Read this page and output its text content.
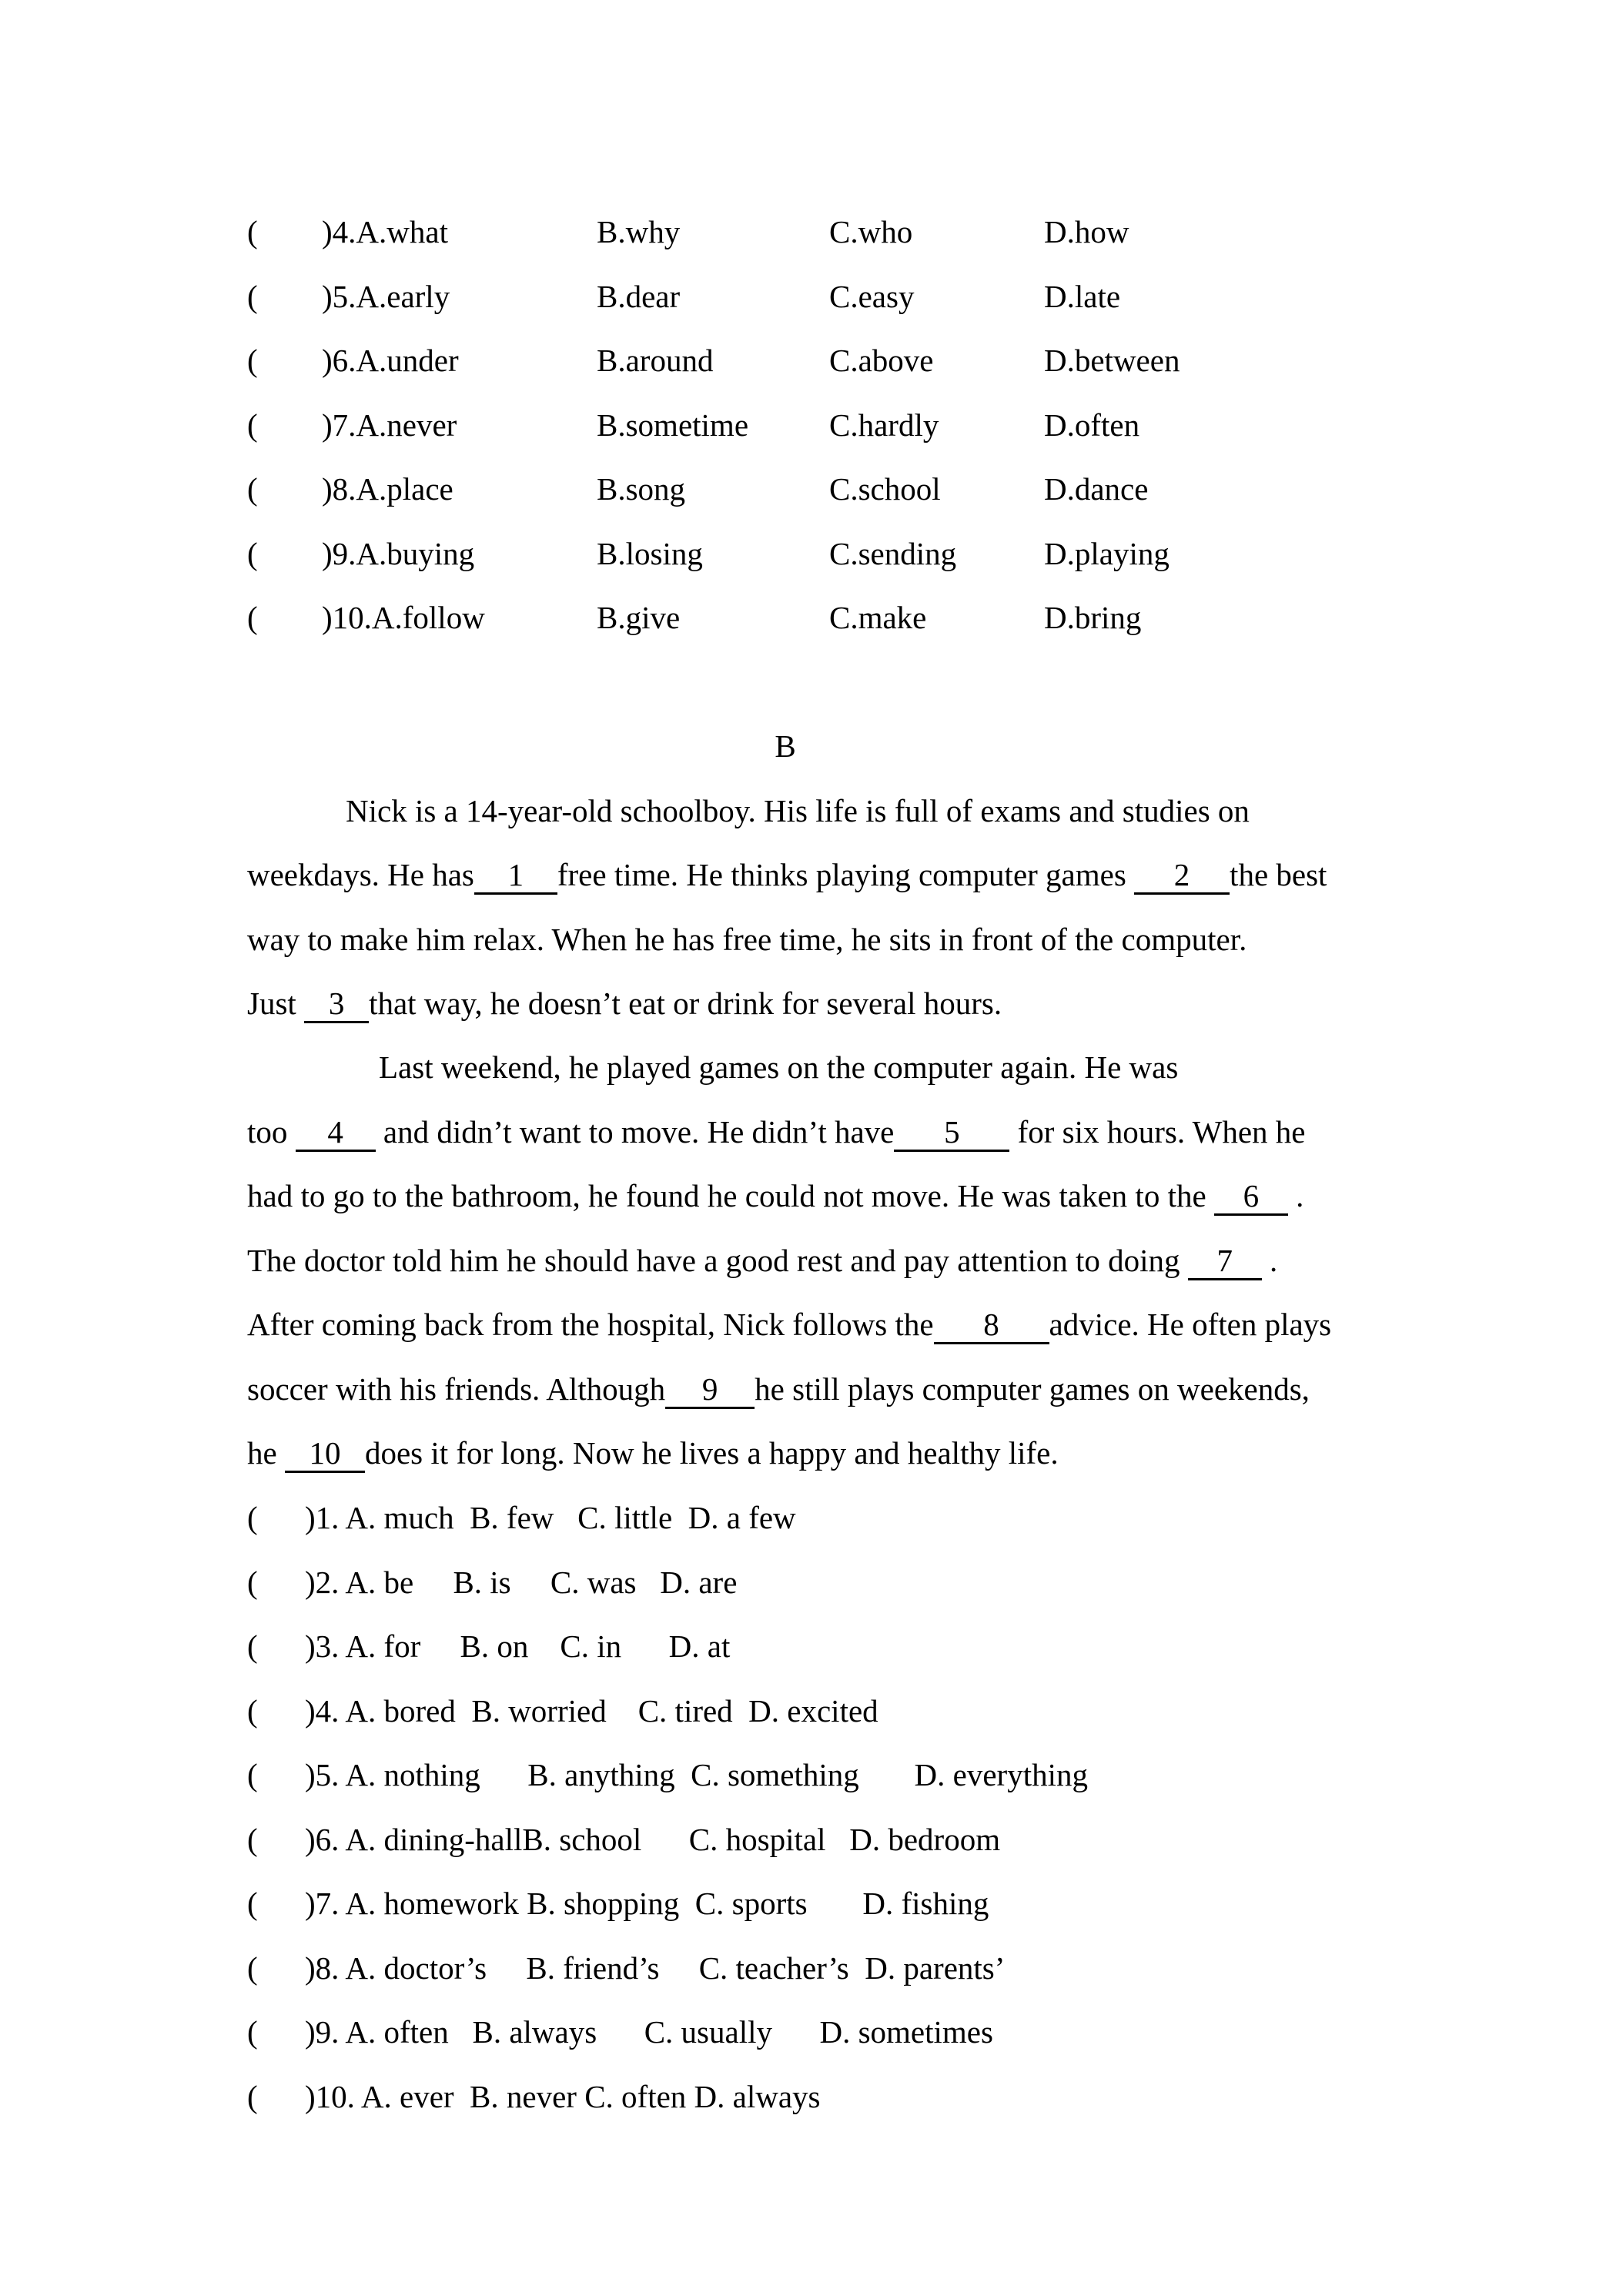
( )4.A.what	B.why	C.who	D.how
( )5.A.early	B.dear	C.easy	D.late
( )6.A.under	B.around	C.above	D.between
( )7.A.never	B.sometime	C.hardly	D.often
( )8.A.place	B.song	C.school	D.dance
( )9.A.buying	B.losing	C.sending	D.playing
( )10.A.follow	B.give	C.make	D.bring
B
Nick is a 14-year-old schoolboy. His life is full of exams and studies on
weekdays. He has 1 free time. He thinks playing computer games 2 the best
way to make him relax. When he has free time, he sits in front of the computer.
Just 3 that way, he doesn’t eat or drink for several hours.
Last weekend, he played games on the computer again. He was
too 4 and didn’t want to move. He didn’t have 5 for six hours. When he
had to go to the bathroom, he found he could not move. He was taken to the 6 .
The doctor told him he should have a good rest and pay attention to doing 7 .
After coming back from the hospital, Nick follows the 8 advice. He often plays
soccer with his friends. Although 9 he still plays computer games on weekends,
he 10 does it for long. Now he lives a happy and healthy life.
( )1. A. much  B. few   C. little  D. a few
( )2. A. be     B. is     C. was   D. are
( )3. A. for     B. on    C. in      D. at
( )4. A. bored  B. worried    C. tired  D. excited
( )5. A. nothing      B. anything  C. something       D. everything
( )6. A. dining-hallB. school      C. hospital   D. bedroom
( )7. A. homework B. shopping  C. sports       D. fishing
( )8. A. doctor’s     B. friend’s     C. teacher’s  D. parents’
( )9. A. often   B. always      C. usually      D. sometimes
( )10. A. ever  B. never C. often D. always
